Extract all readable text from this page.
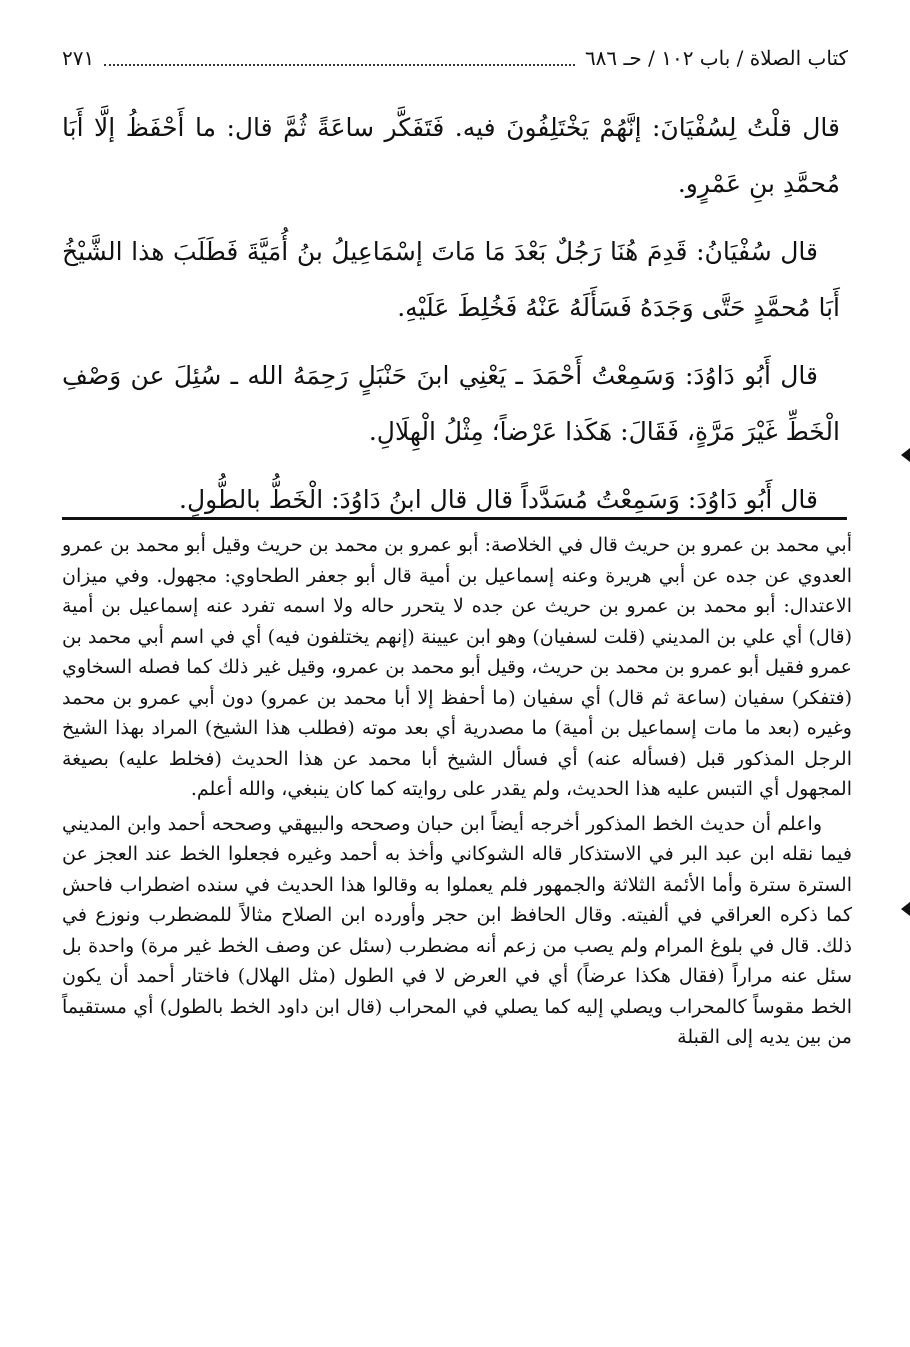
كتاب الصلاة / باب ١٠٢ / حـ ٦٨٦
٢٧١

قال قلْتُ لِسُفْيَانَ: إنَّهُمْ يَخْتَلِفُونَ فيه. فَتَفَكَّر ساعَةً ثُمَّ قال: ما أَحْفَظُ إلَّا أَبَا مُحمَّدِ بنِ عَمْرٍو.

قال سُفْيَانُ: قَدِمَ هُنَا رَجُلٌ بَعْدَ مَا مَاتَ إسْمَاعِيلُ بنُ أُمَيَّةَ فَطَلَبَ هذا الشَّيْخُ أَبَا مُحمَّدٍ حَتَّى وَجَدَهُ فَسَأَلَهُ عَنْهُ فَخُلِطَ عَلَيْهِ.

قال أَبُو دَاوُدَ: وَسَمِعْتُ أَحْمَدَ ـ يَعْنِي ابنَ حَنْبَلٍ رَحِمَهُ الله ـ سُئِلَ عن وَصْفِ الْخَطِّ غَيْرَ مَرَّةٍ، فَقَالَ: هَكَذا عَرْضاً؛ مِثْلُ الْهِلَالِ.

قال أَبُو دَاوُدَ: وَسَمِعْتُ مُسَدَّداً قال قال ابنُ دَاوُدَ: الْخَطُّ بالطُّولِ.

أبي محمد بن عمرو بن حريث قال في الخلاصة: أبو عمرو بن محمد بن حريث وقيل أبو محمد بن عمرو العدوي عن جده عن أبي هريرة وعنه إسماعيل بن أمية قال أبو جعفر الطحاوي: مجهول. وفي ميزان الاعتدال: أبو محمد بن عمرو بن حريث عن جده لا يتحرر حاله ولا اسمه تفرد عنه إسماعيل بن أمية (قال) أي علي بن المديني (قلت لسفيان) وهو ابن عيينة (إنهم يختلفون فيه) أي في اسم أبي محمد بن عمرو فقيل أبو عمرو بن محمد بن حريث، وقيل أبو محمد بن عمرو، وقيل غير ذلك كما فصله السخاوي (فتفكر) سفيان (ساعة ثم قال) أي سفيان (ما أحفظ إلا أبا محمد بن عمرو) دون أبي عمرو بن محمد وغيره (بعد ما مات إسماعيل بن أمية) ما مصدرية أي بعد موته (فطلب هذا الشيخ) المراد بهذا الشيخ الرجل المذكور قبل (فسأله عنه) أي فسأل الشيخ أبا محمد عن هذا الحديث (فخلط عليه) بصيغة المجهول أي التبس عليه هذا الحديث، ولم يقدر على روايته كما كان ينبغي، والله أعلم.

واعلم أن حديث الخط المذكور أخرجه أيضاً ابن حبان وصححه والبيهقي وصححه أحمد وابن المديني فيما نقله ابن عبد البر في الاستذكار قاله الشوكاني وأخذ به أحمد وغيره فجعلوا الخط عند العجز عن السترة سترة وأما الأئمة الثلاثة والجمهور فلم يعملوا به وقالوا هذا الحديث في سنده اضطراب فاحش كما ذكره العراقي في ألفيته. وقال الحافظ ابن حجر وأورده ابن الصلاح مثالاً للمضطرب ونوزع في ذلك. قال في بلوغ المرام ولم يصب من زعم أنه مضطرب (سئل عن وصف الخط غير مرة) واحدة بل سئل عنه مراراً (فقال هكذا عرضاً) أي في العرض لا في الطول (مثل الهلال) فاختار أحمد أن يكون الخط مقوساً كالمحراب ويصلي إليه كما يصلي في المحراب (قال ابن داود الخط بالطول) أي مستقيماً من بين يديه إلى القبلة
